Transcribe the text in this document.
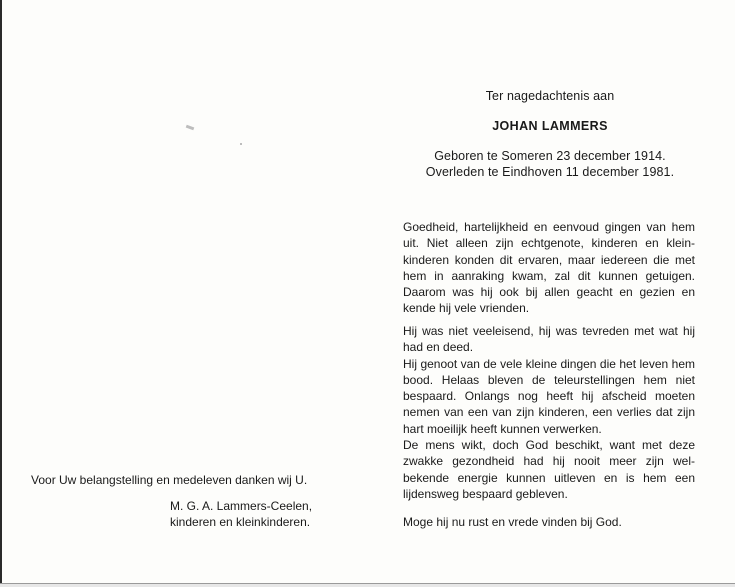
Ter nagedachtenis aan
JOHAN LAMMERS
Geboren te Someren 23 december 1914.
Overleden te Eindhoven 11 december 1981.
Goedheid, hartelijkheid en eenvoud gingen van hem
uit. Niet alleen zijn echtgenote, kinderen en klein-
kinderen konden dit ervaren, maar iedereen die met
hem in aanraking kwam, zal dit kunnen getuigen.
Daarom was hij ook bij allen geacht en gezien en
kende hij vele vrienden.
Hij was niet veeleisend, hij was tevreden met wat hij
had en deed.
Hij genoot van de vele kleine dingen die het leven hem
bood. Helaas bleven de teleurstellingen hem niet
bespaard. Onlangs nog heeft hij afscheid moeten
nemen van een van zijn kinderen, een verlies dat zijn
hart moeilijk heeft kunnen verwerken.
De mens wikt, doch God beschikt, want met deze
zwakke gezondheid had hij nooit meer zijn wel-
bekende energie kunnen uitleven en is hem een
lijdensweg bespaard gebleven.
Moge hij nu rust en vrede vinden bij God.
Voor Uw belangstelling en medeleven danken wij U.
M. G. A. Lammers-Ceelen,
kinderen en kleinkinderen.
